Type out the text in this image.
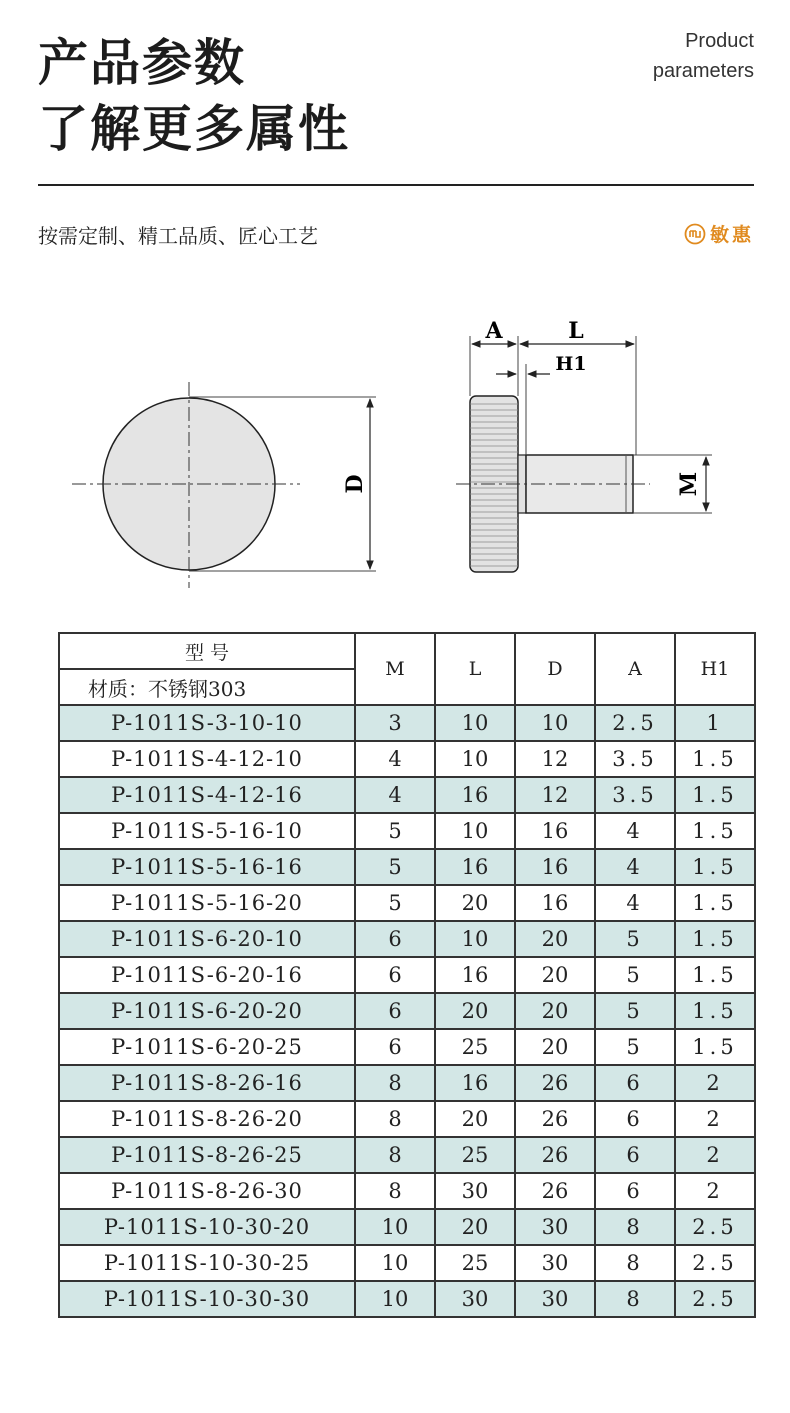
产品参数
了解更多属性
Product
parameters
按需定制、精工品质、匠心工艺	敏惠
D
A	L
H1
M
型 号	M	L	D	A	H1
材质：不锈钢303					
P-1011S-3-10-10	3	10	10	2.5	1
P-1011S-4-12-10	4	10	12	3.5	1.5
P-1011S-4-12-16	4	16	12	3.5	1.5
P-1011S-5-16-10	5	10	16	4	1.5
P-1011S-5-16-16	5	16	16	4	1.5
P-1011S-5-16-20	5	20	16	4	1.5
P-1011S-6-20-10	6	10	20	5	1.5
P-1011S-6-20-16	6	16	20	5	1.5
P-1011S-6-20-20	6	20	20	5	1.5
P-1011S-6-20-25	6	25	20	5	1.5
P-1011S-8-26-16	8	16	26	6	2
P-1011S-8-26-20	8	20	26	6	2
P-1011S-8-26-25	8	25	26	6	2
P-1011S-8-26-30	8	30	26	6	2
P-1011S-10-30-20	10	20	30	8	2.5
P-1011S-10-30-25	10	25	30	8	2.5
P-1011S-10-30-30	10	30	30	8	2.5
